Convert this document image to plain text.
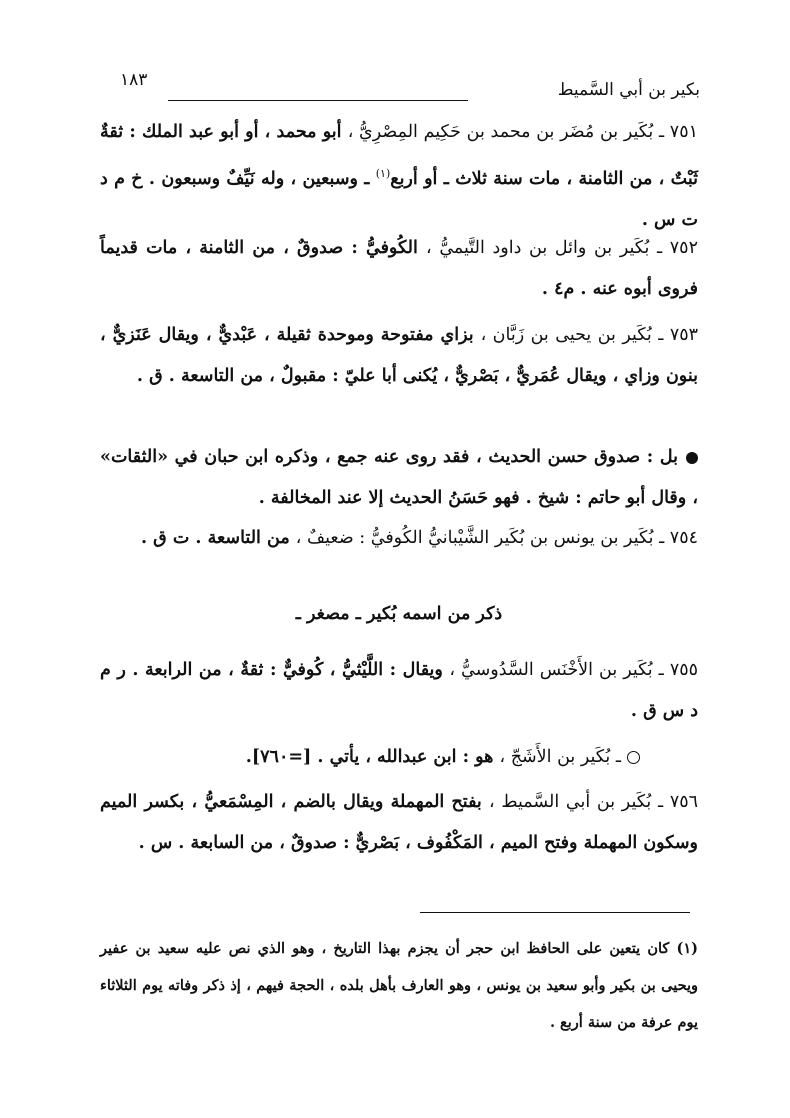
بكير بن أبي السَّميط
١٨٣
٧٥١ ـ بُكَير بن مُضَر بن محمد بن حَكِيم المِصْرِيُّ ، أبو محمد ، أو أبو عبد الملك : ثقةٌ ثَبْتٌ ، من الثامنة ، مات سنة ثلاث ـ أو أربع$^{(١)}$ ـ وسبعين ، وله نَيِّفٌ وسبعون . خ م د ت س .
٧٥٢ ـ بُكَير بن وائل بن داود التَّيميُّ ، الكُوفيُّ : صدوقٌ ، من الثامنة ، مات قديماً فروى أبوه عنه . م٤ .
٧٥٣ ـ بُكَير بن يحيى بن زَبَّان ، بزاي مفتوحة وموحدة ثقيلة ، عَبْديٌّ ، ويقال عَنَزيٌّ ، بنون وزاي ، ويقال عُمَريٌّ ، بَصْريٌّ ، يُكنى أبا عليّ : مقبولٌ ، من التاسعة . ق .
بل : صدوق حسن الحديث ، فقد روى عنه جمع ، وذكره ابن حبان في «الثقات» ، وقال أبو حاتم : شيخ . فهو حَسَنُ الحديث إلا عند المخالفة .
٧٥٤ ـ بُكَير بن يونس بن بُكَير الشَّيْبانيُّ الكُوفيُّ : ضعيفٌ ، من التاسعة . ت ق .
ذكر من اسمه بُكير ـ مصغر ـ
٧٥٥ ـ بُكَير بن الأَخْنَس السَّدُوسيُّ ، ويقال : اللَّيْثيُّ ، كُوفيٌّ : ثقةٌ ، من الرابعة . ر م د س ق .
ـ بُكَير بن الأَشَجّ ، هو : ابن عبدالله ، يأتي . [=٧٦٠].
٧٥٦ ـ بُكَير بن أبي السَّميط ، بفتح المهملة ويقال بالضم ، المِسْمَعيُّ ، بكسر الميم وسكون المهملة وفتح الميم ، المَكْفُوف ، بَصْريٌّ : صدوقٌ ، من السابعة . س .
(١) كان يتعين على الحافظ ابن حجر أن يجزم بهذا التاريخ ، وهو الذي نص عليه سعيد بن عفير ويحيى بن بكير وأبو سعيد بن يونس ، وهو العارف بأهل بلده ، الحجة فيهم ، إذ ذكر وفاته يوم الثلاثاء يوم عرفة من سنة أربع .
